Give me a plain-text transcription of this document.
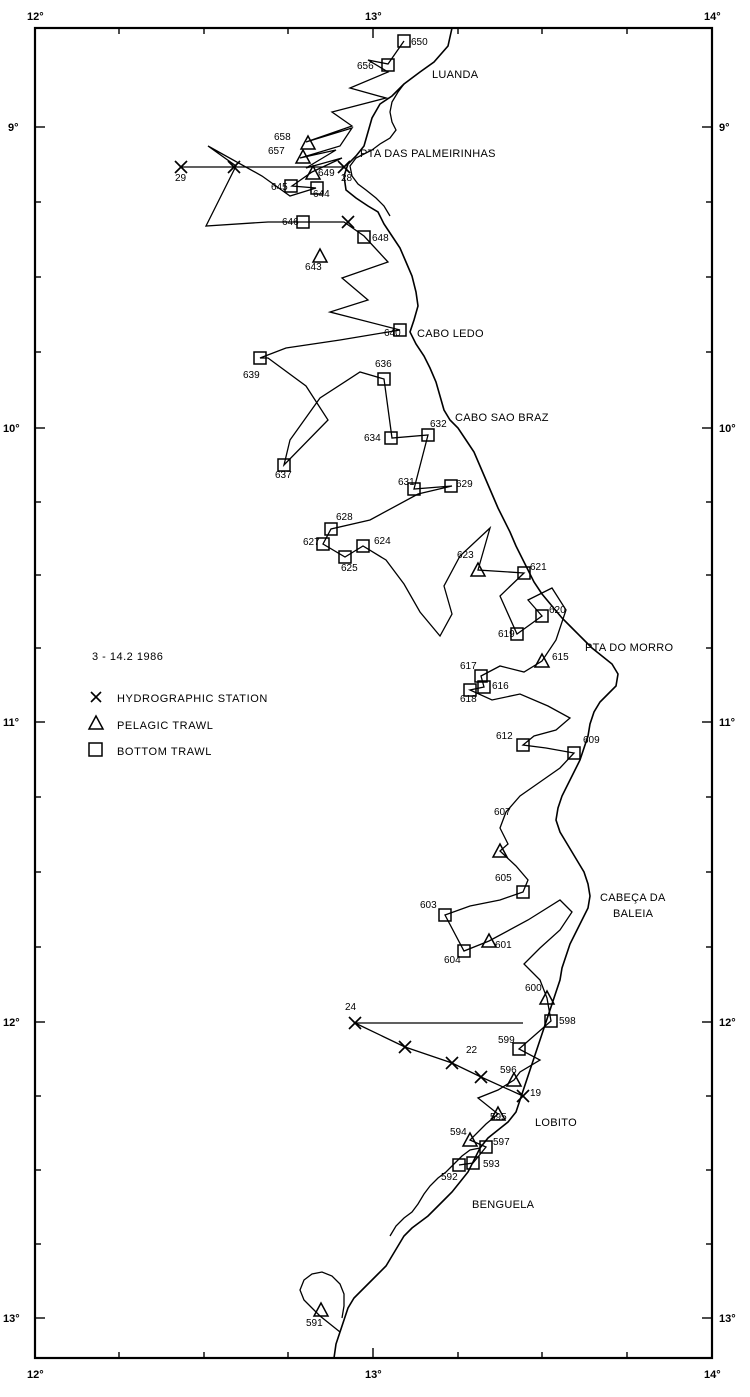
12°	13°	14°
12°	13°	14°
9°
10°
11°
12°
13°
9°
10°
11°
12°
13°
650
656
658
657
649
645
644
646
648
643
640
639
636
634
632
637
631	629
628
627	624
625
623
621
620
619
615
617
616
618
612	609
607
605
603
601
604
600
598
599
596
595
594
593
592
591
597
29	28
24
22
19
LUANDA
PTA DAS PALMEIRINHAS
CABO LEDO
CABO SAO BRAZ
PTA DO MORRO
CABEÇA DA
BALEIA
LOBITO
BENGUELA
3 - 14.2 1986
HYDROGRAPHIC STATION
PELAGIC TRAWL
BOTTOM TRAWL
